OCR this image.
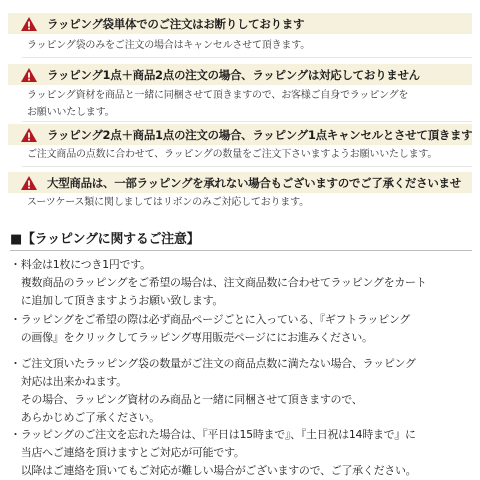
ラッピング袋単体でのご注文はお断りしております
ラッピング袋のみをご注文の場合はキャンセルさせて頂きます。
ラッピング1点＋商品2点の注文の場合、ラッピングは対応しておりません
ラッピング資材を商品と一緒に同梱させて頂きますので、お客様ご自身でラッピングを
お願いいたします。
ラッピング2点＋商品1点の注文の場合、ラッピング1点キャンセルとさせて頂きます
ご注文商品の点数に合わせて、ラッピングの数量をご注文下さいますようお願いいたします。
大型商品は、一部ラッピングを承れない場合もございますのでご了承くださいませ
スーツケース類に関しましてはリボンのみご対応しております。
■【ラッピングに関するご注意】
・料金は1枚につき1円です。
　複数商品のラッピングをご希望の場合は、注文商品数に合わせてラッピングをカート
　に追加して頂きますようお願い致します。
・ラッピングをご希望の際は必ず商品ページごとに入っている、『ギフトラッピング
　の画像』をクリックしてラッピング専用販売ページににお進みください。
・ご注文頂いたラッピング袋の数量がご注文の商品点数に満たない場合、ラッピング
　対応は出来かねます。
　その場合、ラッピング資材のみ商品と一緒に同梱させて頂きますので、
　あらかじめご了承ください。
・ラッピングのご注文を忘れた場合は、『平日は15時まで』、『土日祝は14時まで』に
　当店へご連絡を頂けますとご対応が可能です。
　以降はご連絡を頂いてもご対応が難しい場合がございますので、ご了承ください。
